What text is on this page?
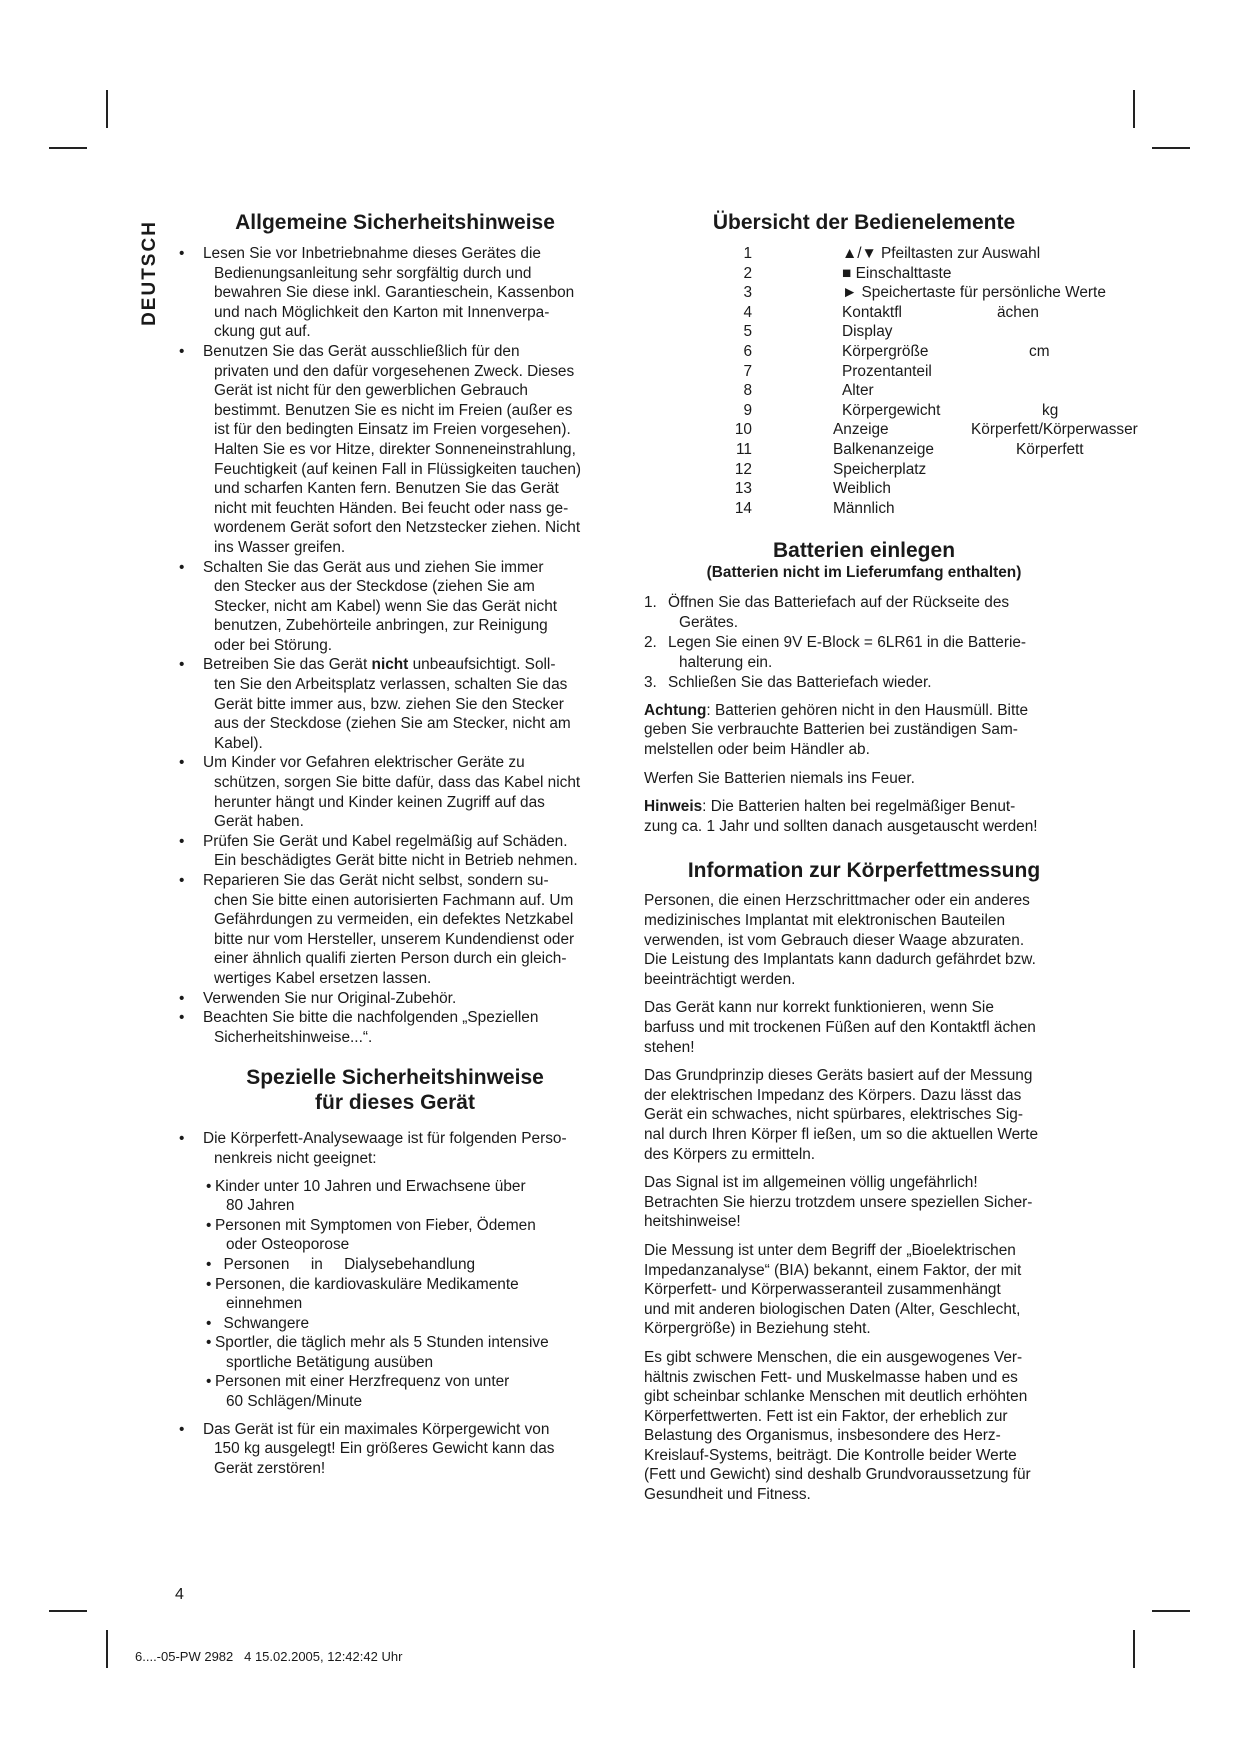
DEUTSCH	Allgemeine Sicherheitshinweise
• Lesen Sie vor Inbetriebnahme dieses Gerätes die
Bedienungsanleitung sehr sorgfältig durch und
bewahren Sie diese inkl. Garantieschein, Kassenbon
und nach Möglichkeit den Karton mit Innenverpa-
ckung gut auf.
• Benutzen Sie das Gerät ausschließlich für den
privaten und den dafür vorgesehenen Zweck. Dieses
Gerät ist nicht für den gewerblichen Gebrauch
bestimmt. Benutzen Sie es nicht im Freien (außer es
ist für den bedingten Einsatz im Freien vorgesehen).
Halten Sie es vor Hitze, direkter Sonneneinstrahlung,
Feuchtigkeit (auf keinen Fall in Flüssigkeiten tauchen)
und scharfen Kanten fern. Benutzen Sie das Gerät
nicht mit feuchten Händen. Bei feucht oder nass ge-
wordenem Gerät sofort den Netzstecker ziehen. Nicht
ins Wasser greifen.
• Schalten Sie das Gerät aus und ziehen Sie immer
den Stecker aus der Steckdose (ziehen Sie am
Stecker, nicht am Kabel) wenn Sie das Gerät nicht
benutzen, Zubehörteile anbringen, zur Reinigung
oder bei Störung.
• Betreiben Sie das Gerät nicht unbeaufsichtigt. Soll-
ten Sie den Arbeitsplatz verlassen, schalten Sie das
Gerät bitte immer aus, bzw. ziehen Sie den Stecker
aus der Steckdose (ziehen Sie am Stecker, nicht am
Kabel).
• Um Kinder vor Gefahren elektrischer Geräte zu
schützen, sorgen Sie bitte dafür, dass das Kabel nicht
herunter hängt und Kinder keinen Zugriff auf das
Gerät haben.
• Prüfen Sie Gerät und Kabel regelmäßig auf Schäden.
Ein beschädigtes Gerät bitte nicht in Betrieb nehmen.
• Reparieren Sie das Gerät nicht selbst, sondern su-
chen Sie bitte einen autorisierten Fachmann auf. Um
Gefährdungen zu vermeiden, ein defektes Netzkabel
bitte nur vom Hersteller, unserem Kundendienst oder
einer ähnlich qualifi zierten Person durch ein gleich-
wertiges Kabel ersetzen lassen.
• Verwenden Sie nur Original-Zubehör.
• Beachten Sie bitte die nachfolgenden „Speziellen
Sicherheitshinweise...“.
Spezielle Sicherheitshinweise
für dieses Gerät
• Die Körperfett-Analysewaage ist für folgenden Perso-
nenkreis nicht geeignet:
• Kinder unter 10 Jahren und Erwachsene über
80 Jahren
• Personen mit Symptomen von Fieber, Ödemen
oder Osteoporose
•   Personen     in     Dialysebehandlung
• Personen, die kardiovaskuläre Medikamente
einnehmen
•   Schwangere
• Sportler, die täglich mehr als 5 Stunden intensive
sportliche Betätigung ausüben
• Personen mit einer Herzfrequenz von unter
60 Schlägen/Minute
• Das Gerät ist für ein maximales Körpergewicht von
150 kg ausgelegt! Ein größeres Gewicht kann das
Gerät zerstören!
Übersicht der Bedienelemente
1	▲/▼ Pfeiltasten zur Auswahl
2	■ Einschalttaste
3	► Speichertaste für persönliche Werte
4	Kontaktfl	ächen
5	Display
6	Körpergröße	cm
7	Prozentanteil
8	Alter
9	Körpergewicht	kg
10	Anzeige	Körperfett/Körperwasser
11	Balkenanzeige	Körperfett
12	Speicherplatz
13	Weiblich
14	Männlich
Batterien einlegen
(Batterien nicht im Lieferumfang enthalten)
1. Öffnen Sie das Batteriefach auf der Rückseite des
Gerätes.
2. Legen Sie einen 9V E-Block = 6LR61 in die Batterie-
halterung ein.
3. Schließen Sie das Batteriefach wieder.

Achtung: Batterien gehören nicht in den Hausmüll. Bitte
geben Sie verbrauchte Batterien bei zuständigen Sam-
melstellen oder beim Händler ab.

Werfen Sie Batterien niemals ins Feuer.

Hinweis: Die Batterien halten bei regelmäßiger Benut-
zung ca. 1 Jahr und sollten danach ausgetauscht werden!

Information zur Körperfettmessung

Personen, die einen Herzschrittmacher oder ein anderes
medizinisches Implantat mit elektronischen Bauteilen
verwenden, ist vom Gebrauch dieser Waage abzuraten.
Die Leistung des Implantats kann dadurch gefährdet bzw.
beeinträchtigt werden.

Das Gerät kann nur korrekt funktionieren, wenn Sie
barfuss und mit trockenen Füßen auf den Kontaktfl ächen
stehen!

Das Grundprinzip dieses Geräts basiert auf der Messung
der elektrischen Impedanz des Körpers. Dazu lässt das
Gerät ein schwaches, nicht spürbares, elektrisches Sig-
nal durch Ihren Körper fl ießen, um so die aktuellen Werte
des Körpers zu ermitteln.

Das Signal ist im allgemeinen völlig ungefährlich!
Betrachten Sie hierzu trotzdem unsere speziellen Sicher-
heitshinweise!

Die Messung ist unter dem Begriff der „Bioelektrischen
Impedanzanalyse“ (BIA) bekannt, einem Faktor, der mit
Körperfett- und Körperwasseranteil zusammenhängt
und mit anderen biologischen Daten (Alter, Geschlecht,
Körpergröße) in Beziehung steht.

Es gibt schwere Menschen, die ein ausgewogenes Ver-
hältnis zwischen Fett- und Muskelmasse haben und es
gibt scheinbar schlanke Menschen mit deutlich erhöhten
Körperfettwerten. Fett ist ein Faktor, der erheblich zur
Belastung des Organismus, insbesondere des Herz-
Kreislauf-Systems, beiträgt. Die Kontrolle beider Werte
(Fett und Gewicht) sind deshalb Grundvoraussetzung für
Gesundheit und Fitness.

4
6....-05-PW 2982   4 15.02.2005, 12:42:42 Uhr
